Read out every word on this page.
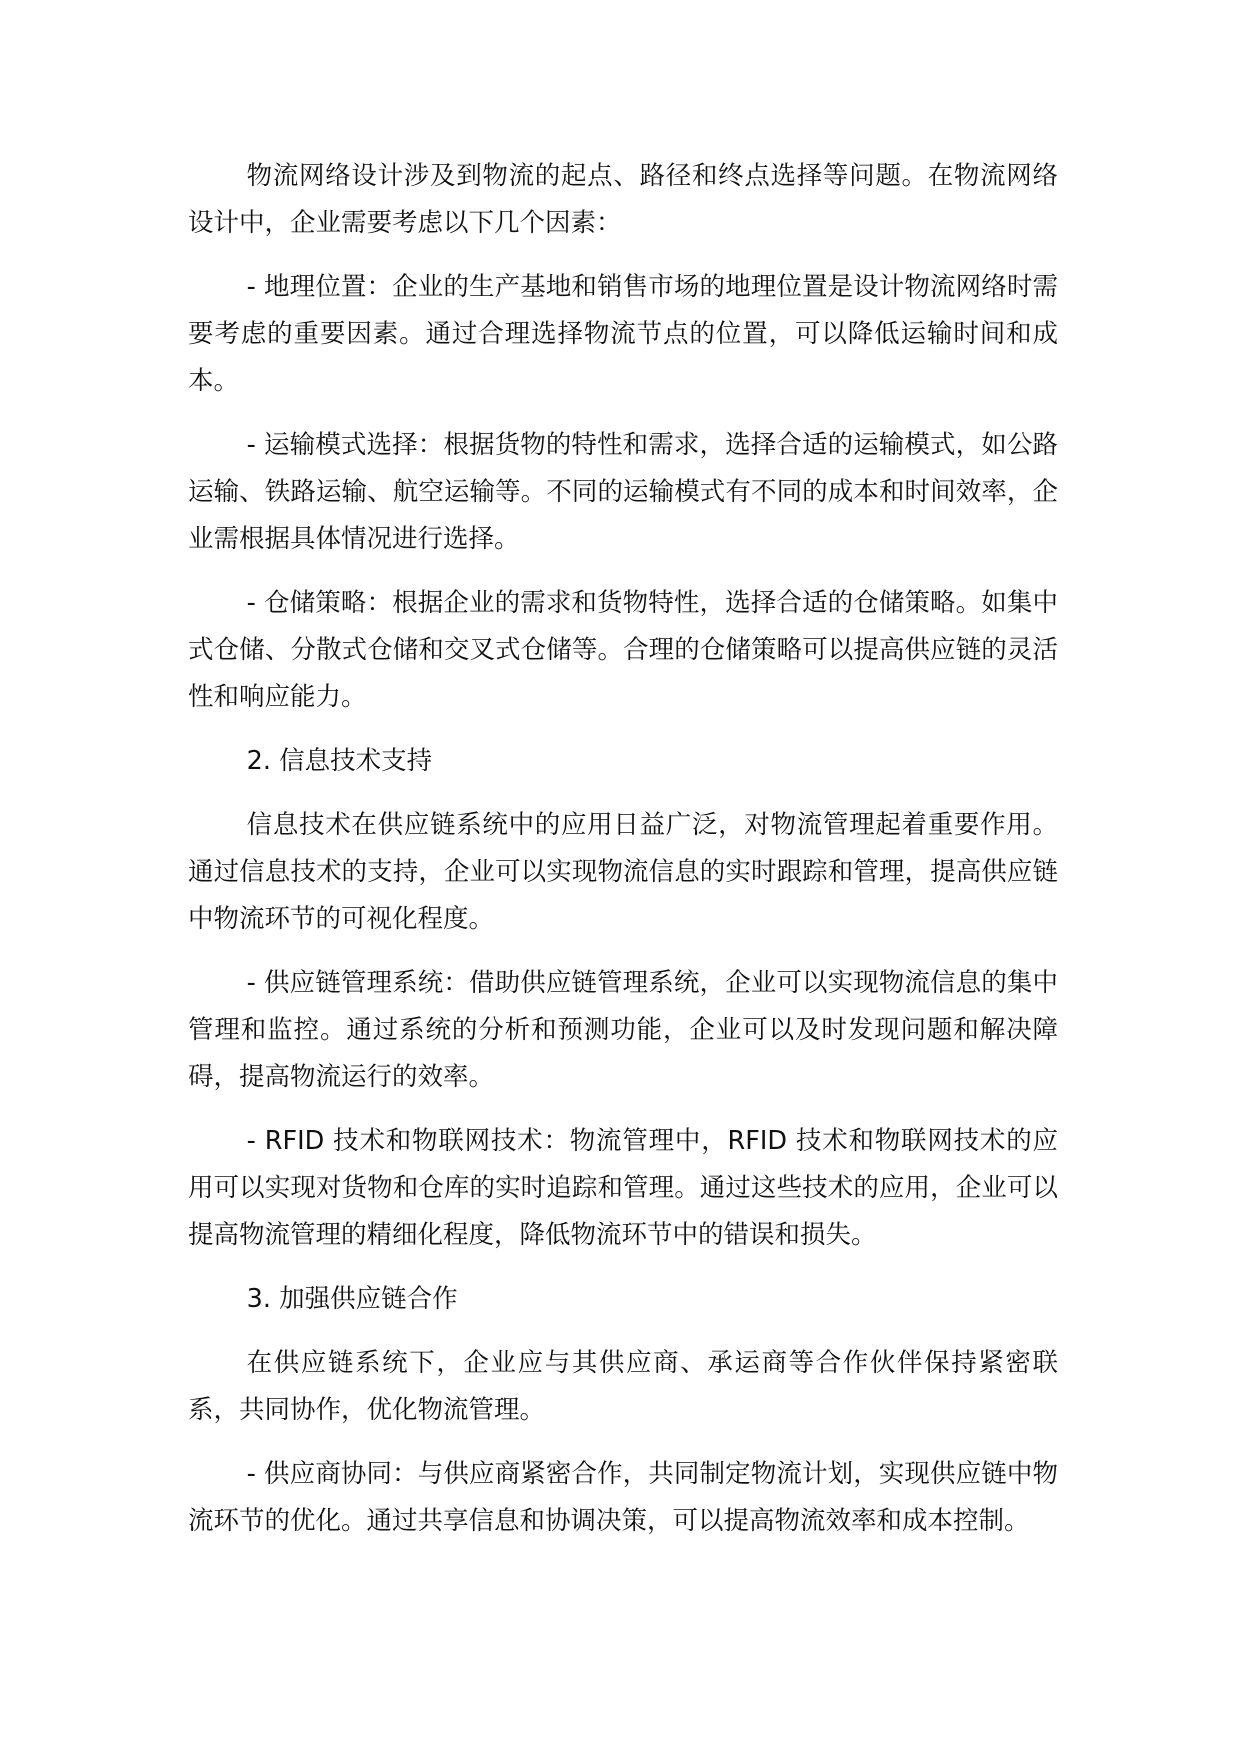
物流网络设计涉及到物流的起点、路径和终点选择等问题。在物流网络设计中，企业需要考虑以下几个因素：

- 地理位置：企业的生产基地和销售市场的地理位置是设计物流网络时需要考虑的重要因素。通过合理选择物流节点的位置，可以降低运输时间和成本。

- 运输模式选择：根据货物的特性和需求，选择合适的运输模式，如公路运输、铁路运输、航空运输等。不同的运输模式有不同的成本和时间效率，企业需根据具体情况进行选择。

- 仓储策略：根据企业的需求和货物特性，选择合适的仓储策略。如集中式仓储、分散式仓储和交叉式仓储等。合理的仓储策略可以提高供应链的灵活性和响应能力。

2. 信息技术支持

信息技术在供应链系统中的应用日益广泛，对物流管理起着重要作用。通过信息技术的支持，企业可以实现物流信息的实时跟踪和管理，提高供应链中物流环节的可视化程度。

- 供应链管理系统：借助供应链管理系统，企业可以实现物流信息的集中管理和监控。通过系统的分析和预测功能，企业可以及时发现问题和解决障碍，提高物流运行的效率。

- RFID 技术和物联网技术：物流管理中，RFID 技术和物联网技术的应用可以实现对货物和仓库的实时追踪和管理。通过这些技术的应用，企业可以提高物流管理的精细化程度，降低物流环节中的错误和损失。

3. 加强供应链合作

在供应链系统下，企业应与其供应商、承运商等合作伙伴保持紧密联系，共同协作，优化物流管理。

- 供应商协同：与供应商紧密合作，共同制定物流计划，实现供应链中物流环节的优化。通过共享信息和协调决策，可以提高物流效率和成本控制。
